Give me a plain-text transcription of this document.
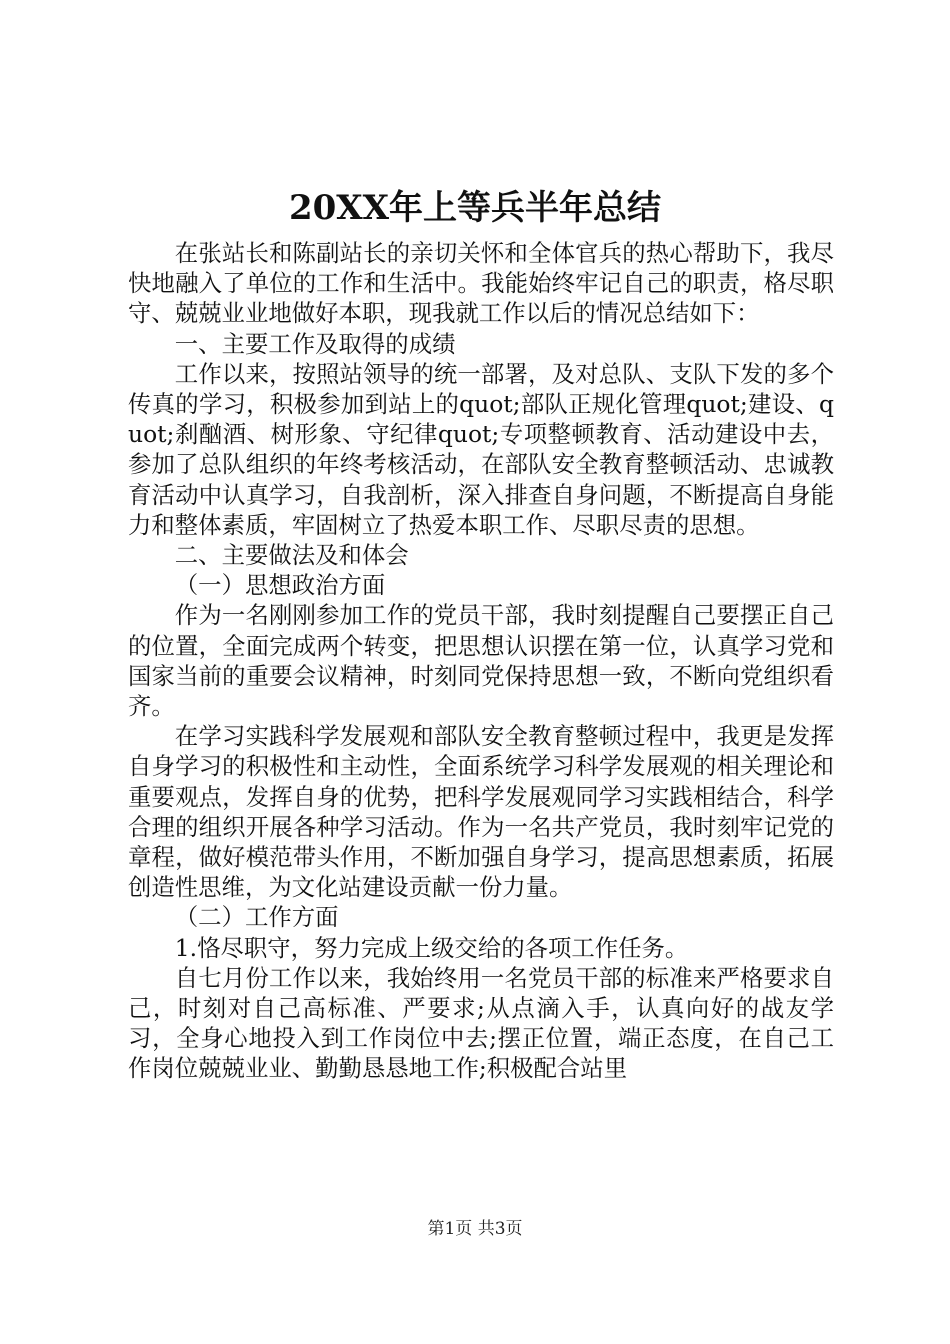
20XX年上等兵半年总结

在张站长和陈副站长的亲切关怀和全体官兵的热心帮助下，我尽快地融入了单位的工作和生活中。我能始终牢记自己的职责，格尽职守、兢兢业业地做好本职，现我就工作以后的情况总结如下：

一、主要工作及取得的成绩

工作以来，按照站领导的统一部署，及对总队、支队下发的多个传真的学习，积极参加到站上的quot;部队正规化管理quot;建设、quot;刹酗酒、树形象、守纪律quot;专项整顿教育、活动建设中去，参加了总队组织的年终考核活动，在部队安全教育整顿活动、忠诚教育活动中认真学习，自我剖析，深入排查自身问题，不断提高自身能力和整体素质，牢固树立了热爱本职工作、尽职尽责的思想。

二、主要做法及和体会

（一）思想政治方面

作为一名刚刚参加工作的党员干部，我时刻提醒自己要摆正自己的位置，全面完成两个转变，把思想认识摆在第一位，认真学习党和国家当前的重要会议精神，时刻同党保持思想一致，不断向党组织看齐。

在学习实践科学发展观和部队安全教育整顿过程中，我更是发挥自身学习的积极性和主动性，全面系统学习科学发展观的相关理论和重要观点，发挥自身的优势，把科学发展观同学习实践相结合，科学合理的组织开展各种学习活动。作为一名共产党员，我时刻牢记党的章程，做好模范带头作用，不断加强自身学习，提高思想素质，拓展创造性思维，为文化站建设贡献一份力量。

（二）工作方面

1.恪尽职守，努力完成上级交给的各项工作任务。

自七月份工作以来，我始终用一名党员干部的标准来严格要求自己，时刻对自己高标准、严要求;从点滴入手，认真向好的战友学习，全身心地投入到工作岗位中去;摆正位置，端正态度，在自己工作岗位兢兢业业、勤勤恳恳地工作;积极配合站里

第1页 共3页
